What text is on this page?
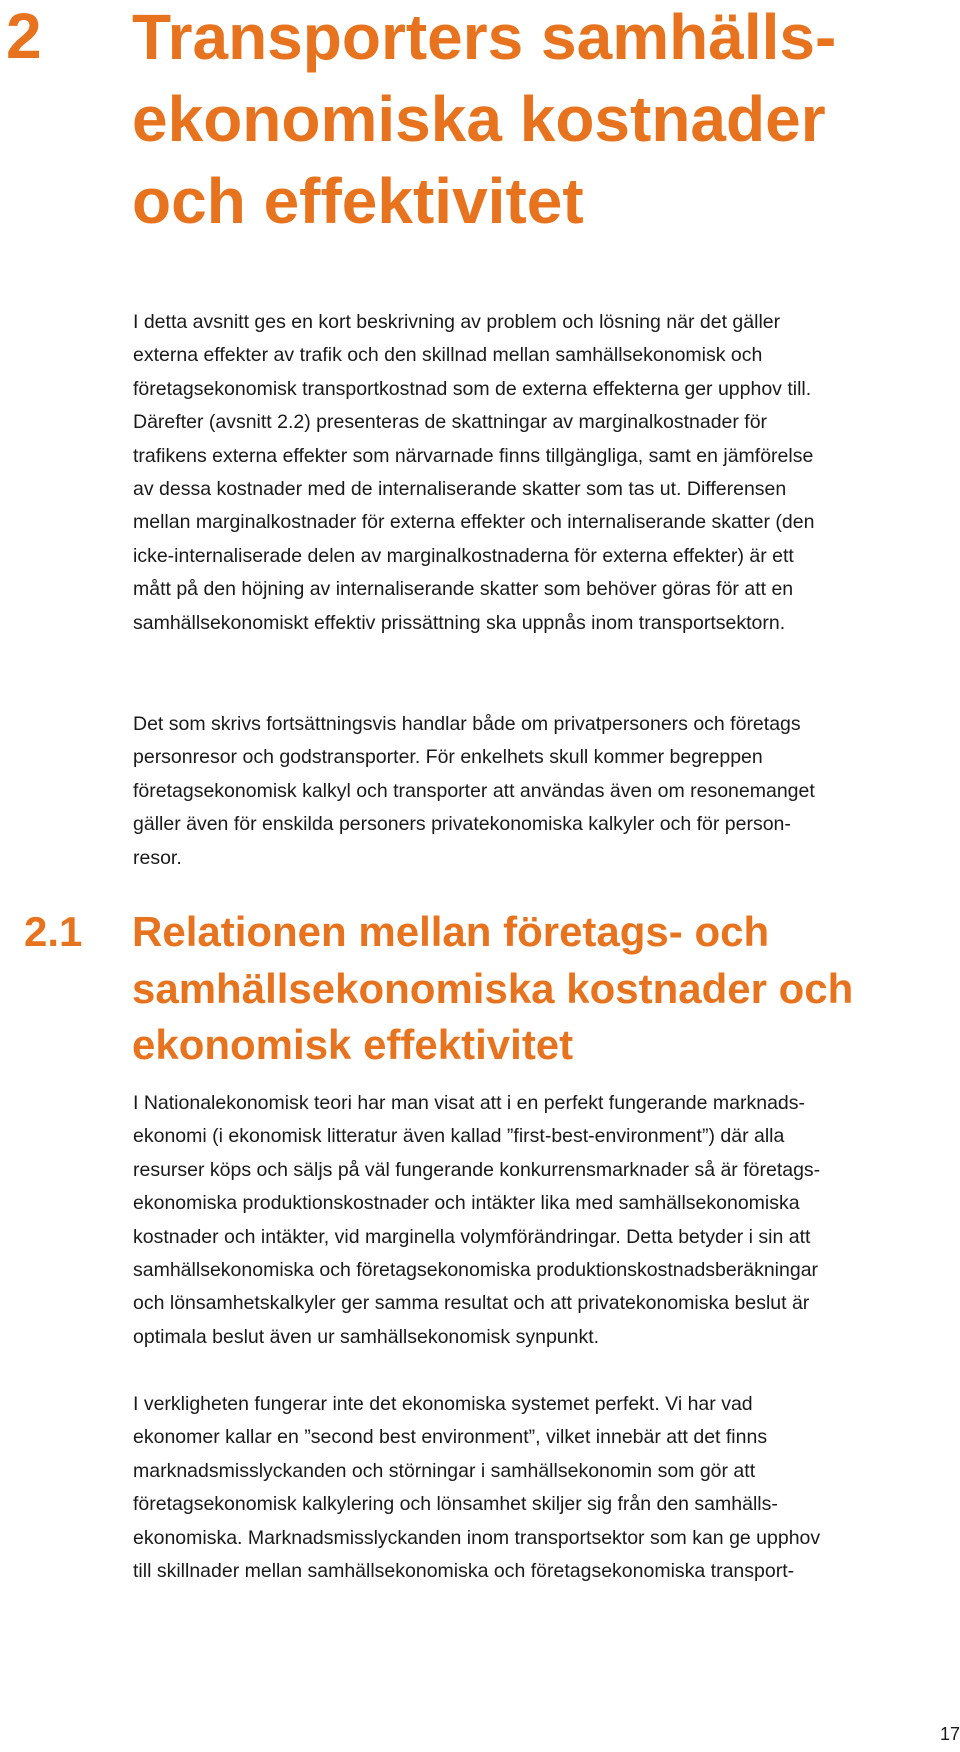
2 Transporters samhälls-
ekonomiska kostnader
och effektivitet

I detta avsnitt ges en kort beskrivning av problem och lösning när det gäller
externa effekter av trafik och den skillnad mellan samhällsekonomisk och
företagsekonomisk transportkostnad som de externa effekterna ger upphov till.
Därefter (avsnitt 2.2) presenteras de skattningar av marginalkostnader för
trafikens externa effekter som närvarnade finns tillgängliga, samt en jämförelse
av dessa kostnader med de internaliserande skatter som tas ut. Differensen
mellan marginalkostnader för externa effekter och internaliserande skatter (den
icke-internaliserade delen av marginalkostnaderna för externa effekter) är ett
mått på den höjning av internaliserande skatter som behöver göras för att en
samhällsekonomiskt effektiv prissättning ska uppnås inom transportsektorn.

Det som skrivs fortsättningsvis handlar både om privatpersoners och företags
personresor och godstransporter. För enkelhets skull kommer begreppen
företagsekonomisk kalkyl och transporter att användas även om resonemanget
gäller även för enskilda personers privatekonomiska kalkyler och för person-
resor.

2.1 Relationen mellan företags- och
samhällsekonomiska kostnader och
ekonomisk effektivitet

I Nationalekonomisk teori har man visat att i en perfekt fungerande marknads-
ekonomi (i ekonomisk litteratur även kallad ”first-best-environment”) där alla
resurser köps och säljs på väl fungerande konkurrensmarknader så är företags-
ekonomiska produktionskostnader och intäkter lika med samhällsekonomiska
kostnader och intäkter, vid marginella volymförändringar. Detta betyder i sin att
samhällsekonomiska och företagsekonomiska produktionskostnadsberäkningar
och lönsamhetskalkyler ger samma resultat och att privatekonomiska beslut är
optimala beslut även ur samhällsekonomisk synpunkt.

I verkligheten fungerar inte det ekonomiska systemet perfekt. Vi har vad
ekonomer kallar en ”second best environment”, vilket innebär att det finns
marknadsmisslyckanden och störningar i samhällsekonomin som gör att
företagsekonomisk kalkylering och lönsamhet skiljer sig från den samhälls-
ekonomiska. Marknadsmisslyckanden inom transportsektor som kan ge upphov
till skillnader mellan samhällsekonomiska och företagsekonomiska transport-

17
